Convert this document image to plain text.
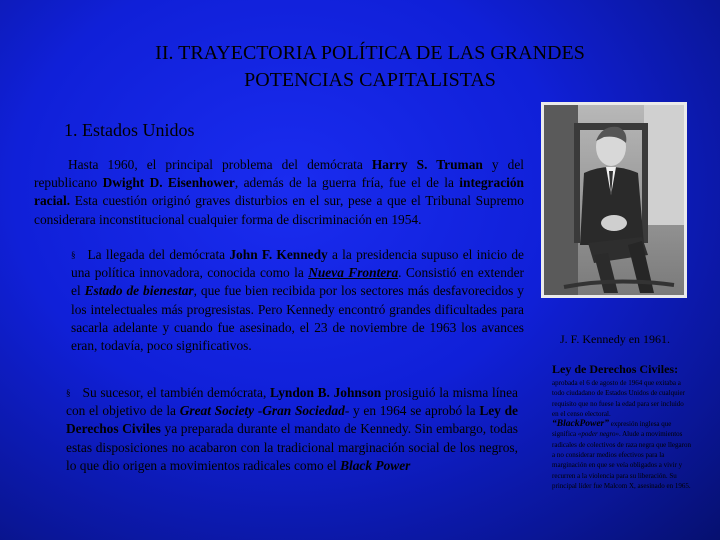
II. TRAYECTORIA POLÍTICA DE LAS GRANDES
POTENCIAS CAPITALISTAS
1. Estados Unidos
Hasta 1960, el principal problema del demócrata Harry S. Truman y del republicano Dwight D. Eisenhower, además de la guerra fría, fue el de la integración racial. Esta cuestión originó graves disturbios en el sur, pese a que el Tribunal Supremo considerara inconstitucional cualquier forma de discriminación en 1954.
§ La llegada del demócrata John F. Kennedy a la presidencia supuso el inicio de una política innovadora, conocida como la Nueva Frontera. Consistió en extender el Estado de bienestar, que fue bien recibida por los sectores más desfavorecidos y los intelectuales más progresistas. Pero Kennedy encontró grandes dificultades para sacarla adelante y cuando fue asesinado, el 23 de noviembre de 1963 los avances eran, todavía, poco significativos.
§ Su sucesor, el también demócrata, Lyndon B. Johnson prosiguió la misma línea con el objetivo de la Great Society -Gran Sociedad- y en 1964 se aprobó la Ley de Derechos Civiles ya preparada durante el mandato de Kennedy. Sin embargo, todas estas disposiciones no acabaron con la tradicional marginación social de los negros, lo que dio origen a movimientos radicales como el Black Power
J. F. Kennedy en 1961.
Ley de Derechos Civiles:
aprobada el 6 de agosto de 1964 que exitaba a todo ciudadano de Estados Unidos de cualquier requisito que no fuese la edad para ser incluido en el censo electoral.
“BlackPower” expresión inglesa que significa «poder negro». Alude a movimientos radicales de colectivos de raza negra que llegaron a no considerar medios efectivos para la marginación en que se veía obligados a vivir y recurren a la violencia para su liberación. Su principal líder fue Malcom X, asesinado en 1965.
